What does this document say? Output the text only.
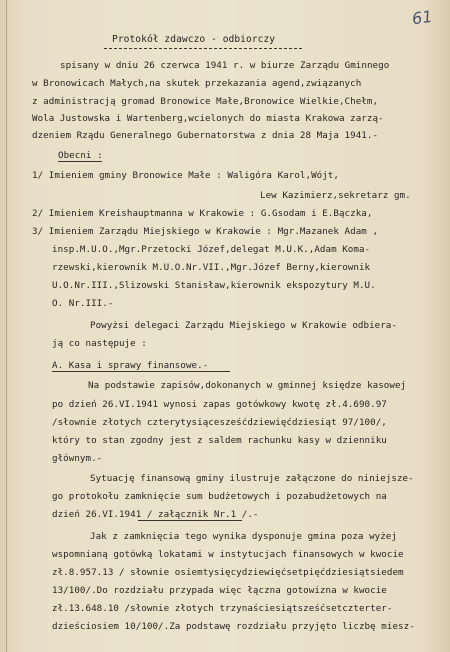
61
Protokół zdawczo - odbiorczy
spisany w dniu 26 czerwca 1941 r. w biurze Zarządu Gminnego
w Bronowicach Małych,na skutek przekazania agend,związanych
z administracją gromad Bronowice Małe,Bronowice Wielkie,Chełm,
Wola Justowska i Wartenberg,wcielonych do miasta Krakowa zarzą-
dzeniem Rządu Generalnego Gubernatorstwa z dnia 28 Maja 1941.-
Obecni :
1/ Imieniem gminy Bronowice Małe : Waligóra Karol,Wójt,
Lew Kazimierz,sekretarz gm.
2/ Imieniem Kreishauptmanna w Krakowie : G.Gsodam i E.Bączka,
3/ Imieniem Zarządu Miejskiego w Krakowie : Mgr.Mazanek Adam ,
insp.M.U.O.,Mgr.Przetocki Józef,delegat M.U.K.,Adam Koma-
rzewski,kierownik M.U.O.Nr.VII.,Mgr.Józef Berny,kierownik
U.O.Nr.III.,Slizowski Stanisław,kierownik ekspozytury M.U.
O. Nr.III.-
Powyżsi delegaci Zarządu Miejskiego w Krakowie odbiera-
ją co następuje :
A. Kasa i sprawy finansowe.-
Na podstawie zapisów,dokonanych w gminnej księdze kasowej
po dzień 26.VI.1941 wynosi zapas gotówkowy kwotę zł.4.690.97
/słownie złotych czterytysiącesześćdziewięćdziesiąt 97/100/,
który to stan zgodny jest z saldem rachunku kasy w dzienniku
głównym.-
Sytuację finansową gminy ilustruje załączone do niniejsze-
go protokołu zamknięcie sum budżetowych i pozabudżetowych na
dzień 26.VI.1941 / załącznik Nr.1 /.-
Jak z zamknięcia tego wynika dysponuje gmina poza wyżej
wspomnianą gotówką lokatami w instytucjach finansowych w kwocie
zł.8.957.13 / słownie osiemtysięcydziewięćsetpięćdziesiątsiedem
13/100/.Do rozdziału przypada więc łączna gotowizna w kwocie
zł.13.648.10 /słownie złotych trzynaściesiątsześćsetczterter-
dzieściosiem 10/100/.Za podstawę rozdziału przyjęto liczbę miesz-
